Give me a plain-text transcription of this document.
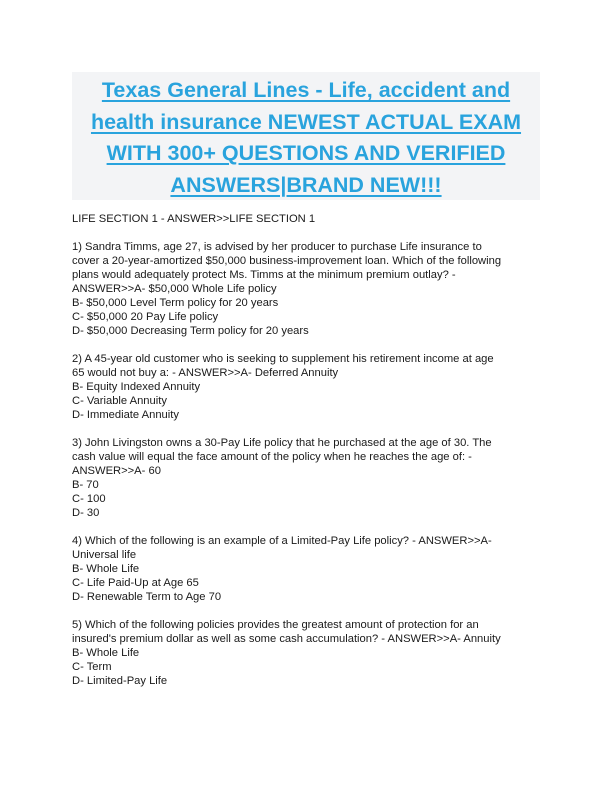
Texas General Lines - Life, accident and health insurance NEWEST ACTUAL EXAM WITH 300+ QUESTIONS AND VERIFIED ANSWERS|BRAND NEW!!!
LIFE SECTION 1 - ANSWER>>LIFE SECTION 1
1) Sandra Timms, age 27, is advised by her producer to purchase Life insurance to
cover a 20-year-amortized $50,000 business-improvement loan. Which of the following
plans would adequately protect Ms. Timms at the minimum premium outlay? -
ANSWER>>A- $50,000 Whole Life policy
B- $50,000 Level Term policy for 20 years
C- $50,000 20 Pay Life policy
D- $50,000 Decreasing Term policy for 20 years
2) A 45-year old customer who is seeking to supplement his retirement income at age
65 would not buy a: - ANSWER>>A- Deferred Annuity
B- Equity Indexed Annuity
C- Variable Annuity
D- Immediate Annuity
3) John Livingston owns a 30-Pay Life policy that he purchased at the age of 30. The
cash value will equal the face amount of the policy when he reaches the age of: -
ANSWER>>A- 60
B- 70
C- 100
D- 30
4) Which of the following is an example of a Limited-Pay Life policy? - ANSWER>>A-
Universal life
B- Whole Life
C- Life Paid-Up at Age 65
D- Renewable Term to Age 70
5) Which of the following policies provides the greatest amount of protection for an
insured's premium dollar as well as some cash accumulation? - ANSWER>>A- Annuity
B- Whole Life
C- Term
D- Limited-Pay Life
